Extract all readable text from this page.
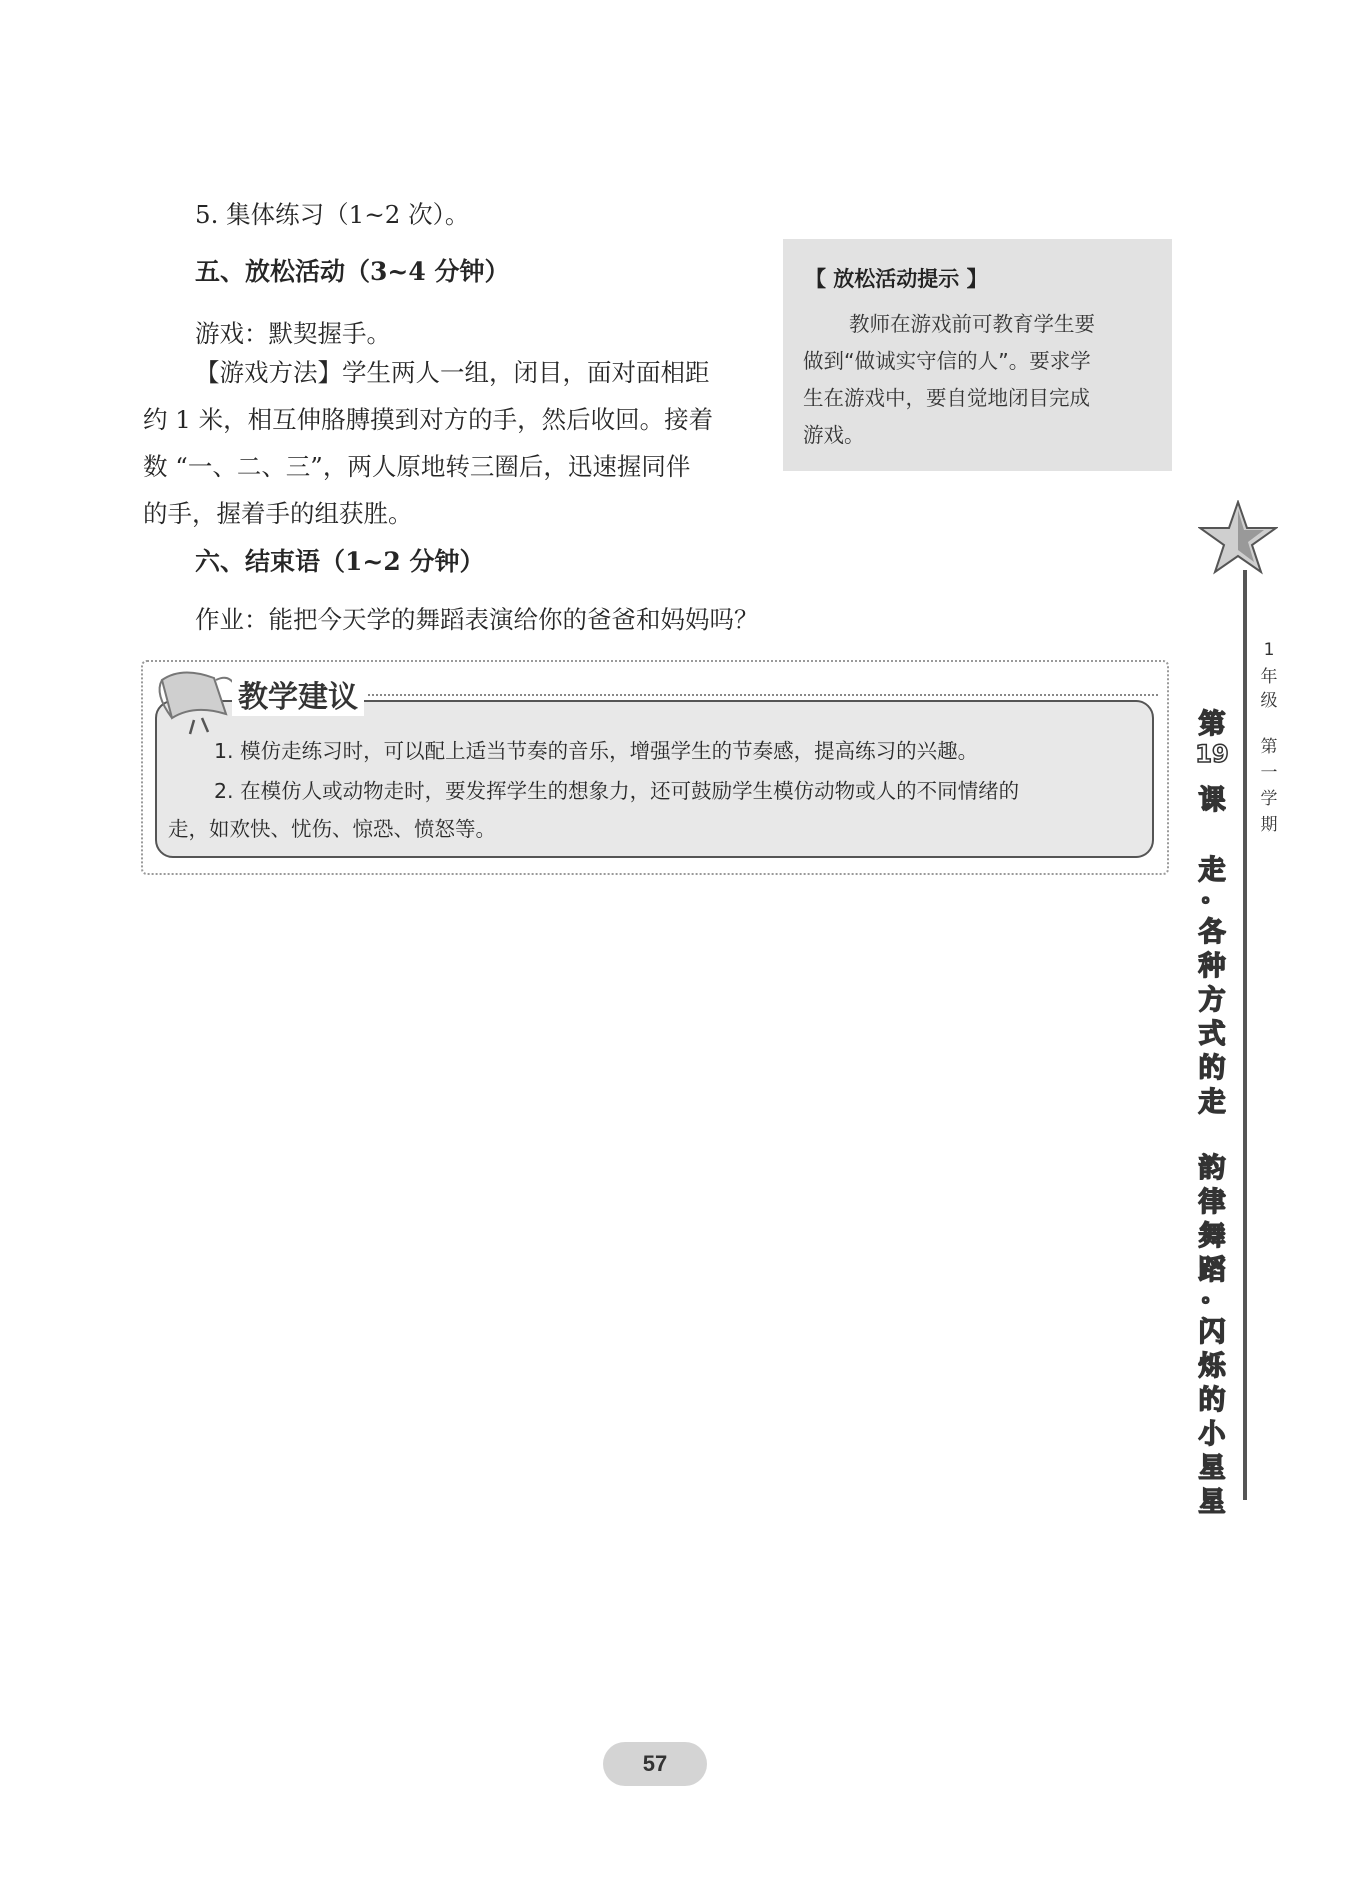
5. 集体练习（1~2 次）。
五、放松活动（3~4 分钟）
游戏：默契握手。
【游戏方法】学生两人一组，闭目，面对面相距
约 1 米，相互伸胳膊摸到对方的手，然后收回。接着
数 “一、二、三”，两人原地转三圈后，迅速握同伴
的手，握着手的组获胜。
六、结束语（1~2 分钟）
作业：能把今天学的舞蹈表演给你的爸爸和妈妈吗？
【 放松活动提示 】
教师在游戏前可教育学生要
做到“做诚实守信的人”。要求学
生在游戏中，要自觉地闭目完成
游戏。
教学建议
1. 模仿走练习时，可以配上适当节奏的音乐，增强学生的节奏感，提高练习的兴趣。
2. 在模仿人或动物走时，要发挥学生的想象力，还可鼓励学生模仿动物或人的不同情绪的
走，如欢快、忧伤、惊恐、愤怒等。
1
年
级
第
一
学
期
第
19
课
走
。
各
种
方
式
的
走
韵
律
舞
蹈
。
闪
烁
的
小
星
星
57
